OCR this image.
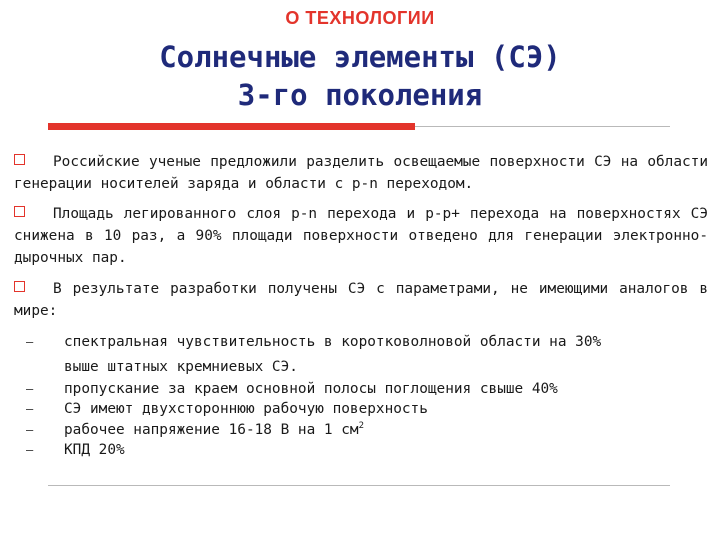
О ТЕХНОЛОГИИ
Солнечные элементы (СЭ)
3-го поколения
Российские ученые предложили разделить освещаемые поверхности СЭ на области генерации носителей заряда и области с p-n переходом.
Площадь легированного слоя p-n перехода и p-p+ перехода на поверхностях СЭ снижена в 10 раз, а 90% площади поверхности отведено для генерации электронно-дырочных пар.
В результате разработки получены СЭ с параметрами, не имеющими аналогов в мире:
– спектральная чувствительность в коротковолновой области на 30%
выше штатных кремниевых СЭ.
– пропускание за краем основной полосы поглощения свыше 40%
– СЭ имеют двухстороннюю рабочую поверхность
– рабочее напряжение 16-18 В на 1 $см^2$
– КПД 20%
